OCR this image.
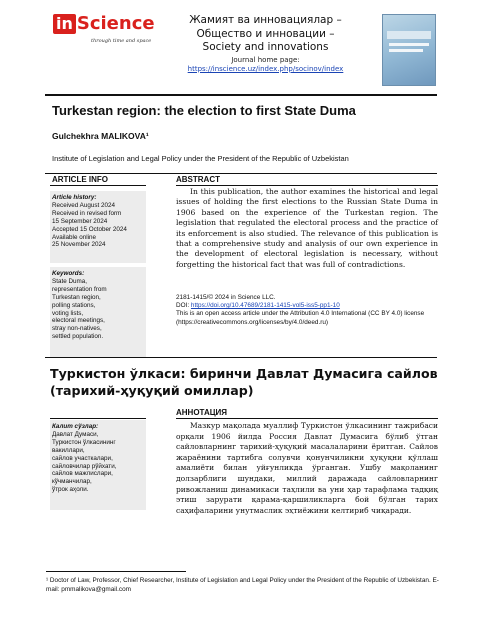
in Science
through time and space
Жамият ва инновациялар –
Общество и инновации –
Society and innovations
Journal home page:
https://inscience.uz/index.php/socinov/index
Turkestan region: the election to first State Duma
Gulchekhra MALIKOVA¹
Institute of Legislation and Legal Policy under the President of the Republic of Uzbekistan
ARTICLE INFO	ABSTRACT
Article history:
Received August 2024
Received in revised form
15 September 2024
Accepted 15 October 2024
Available online
25 November 2024
Keywords:
State Duma,
representation from
Turkestan region,
polling stations,
voting lists,
electoral meetings,
stray non-natives,
settled population.

In this publication, the author examines the historical and legal issues of holding the first elections to the Russian State Duma in 1906 based on the experience of the Turkestan region. The legislation that regulated the electoral process and the practice of its enforcement is also studied. The relevance of this publication is that a comprehensive study and analysis of our own experience in the development of electoral legislation is necessary, without forgetting the historical fact that was full of contradictions.

2181-1415/© 2024 in Science LLC.
DOI: https://doi.org/10.47689/2181-1415-vol5-iss5-pp1-10
This is an open access article under the Attribution 4.0 International (CC BY 4.0) license (https://creativecommons.org/licenses/by/4.0/deed.ru)
Туркистон ўлкаси: биринчи Давлат Думасига сайлов (тарихий-ҳуқуқий омиллар)
АННОТАЦИЯ
Калит сўзлар:
Давлат Думаси,
Туркистон ўлкасининг
вакиллари,
сайлов участкалари,
сайловчилар рўйхати,
сайлов мажлислари,
кўчманчилар,
ўтрок аҳоли.

Мазкур мақолада муаллиф Туркистон ўлкасининг тажрибаси орқали 1906 йилда Россия Давлат Думасига бўлиб ўтган сайловларнинг тарихий-ҳуқуқий масалаларини ёритган. Сайлов жараёнини тартибга солувчи қонунчиликни ҳуқуқни қўллаш амалиёти билан уйғунликда ўрганган. Ушбу мақоланинг долзарблиги шундаки, миллий даражада сайловларнинг ривожланиш динамикаси таҳлили ва уни ҳар тарафлама тадқиқ этиш зарурати қарама-қаршиликларга бой бўлган тарих саҳифаларини унутмаслик эҳтиёжини келтириб чиқаради.

¹ Doctor of Law, Professor, Chief Researcher, Institute of Legislation and Legal Policy under the President of the Republic of Uzbekistan. E-mail: pmmalikova@gmail.com
